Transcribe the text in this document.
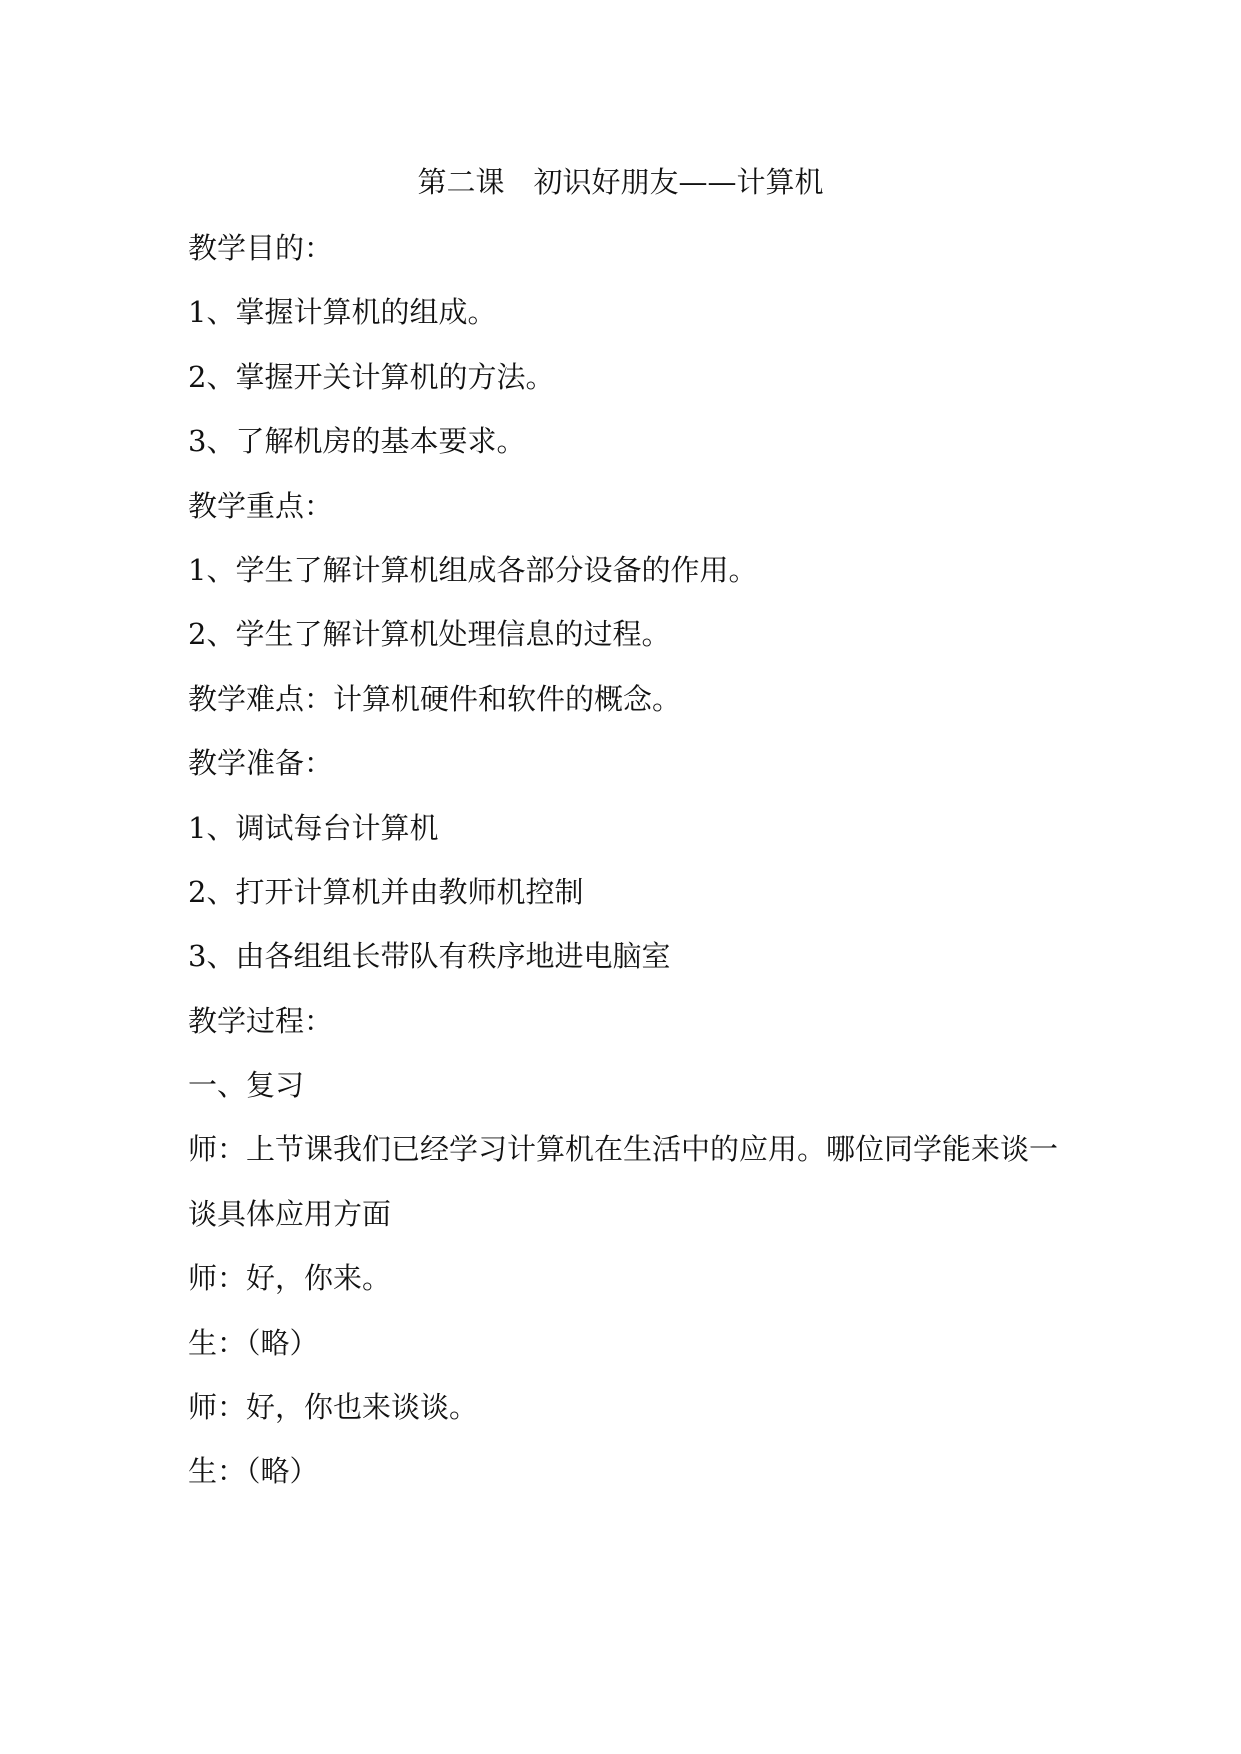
第二课　初识好朋友——计算机
教学目的：
1、掌握计算机的组成。
2、掌握开关计算机的方法。
3、了解机房的基本要求。
教学重点：
1、学生了解计算机组成各部分设备的作用。
2、学生了解计算机处理信息的过程。
教学难点：计算机硬件和软件的概念。
教学准备：
1、调试每台计算机
2、打开计算机并由教师机控制
3、由各组组长带队有秩序地进电脑室
教学过程：
一、复习
师：上节课我们已经学习计算机在生活中的应用。哪位同学能来谈一
谈具体应用方面
师：好，你来。
生：（略）
师：好，你也来谈谈。
生：（略）
